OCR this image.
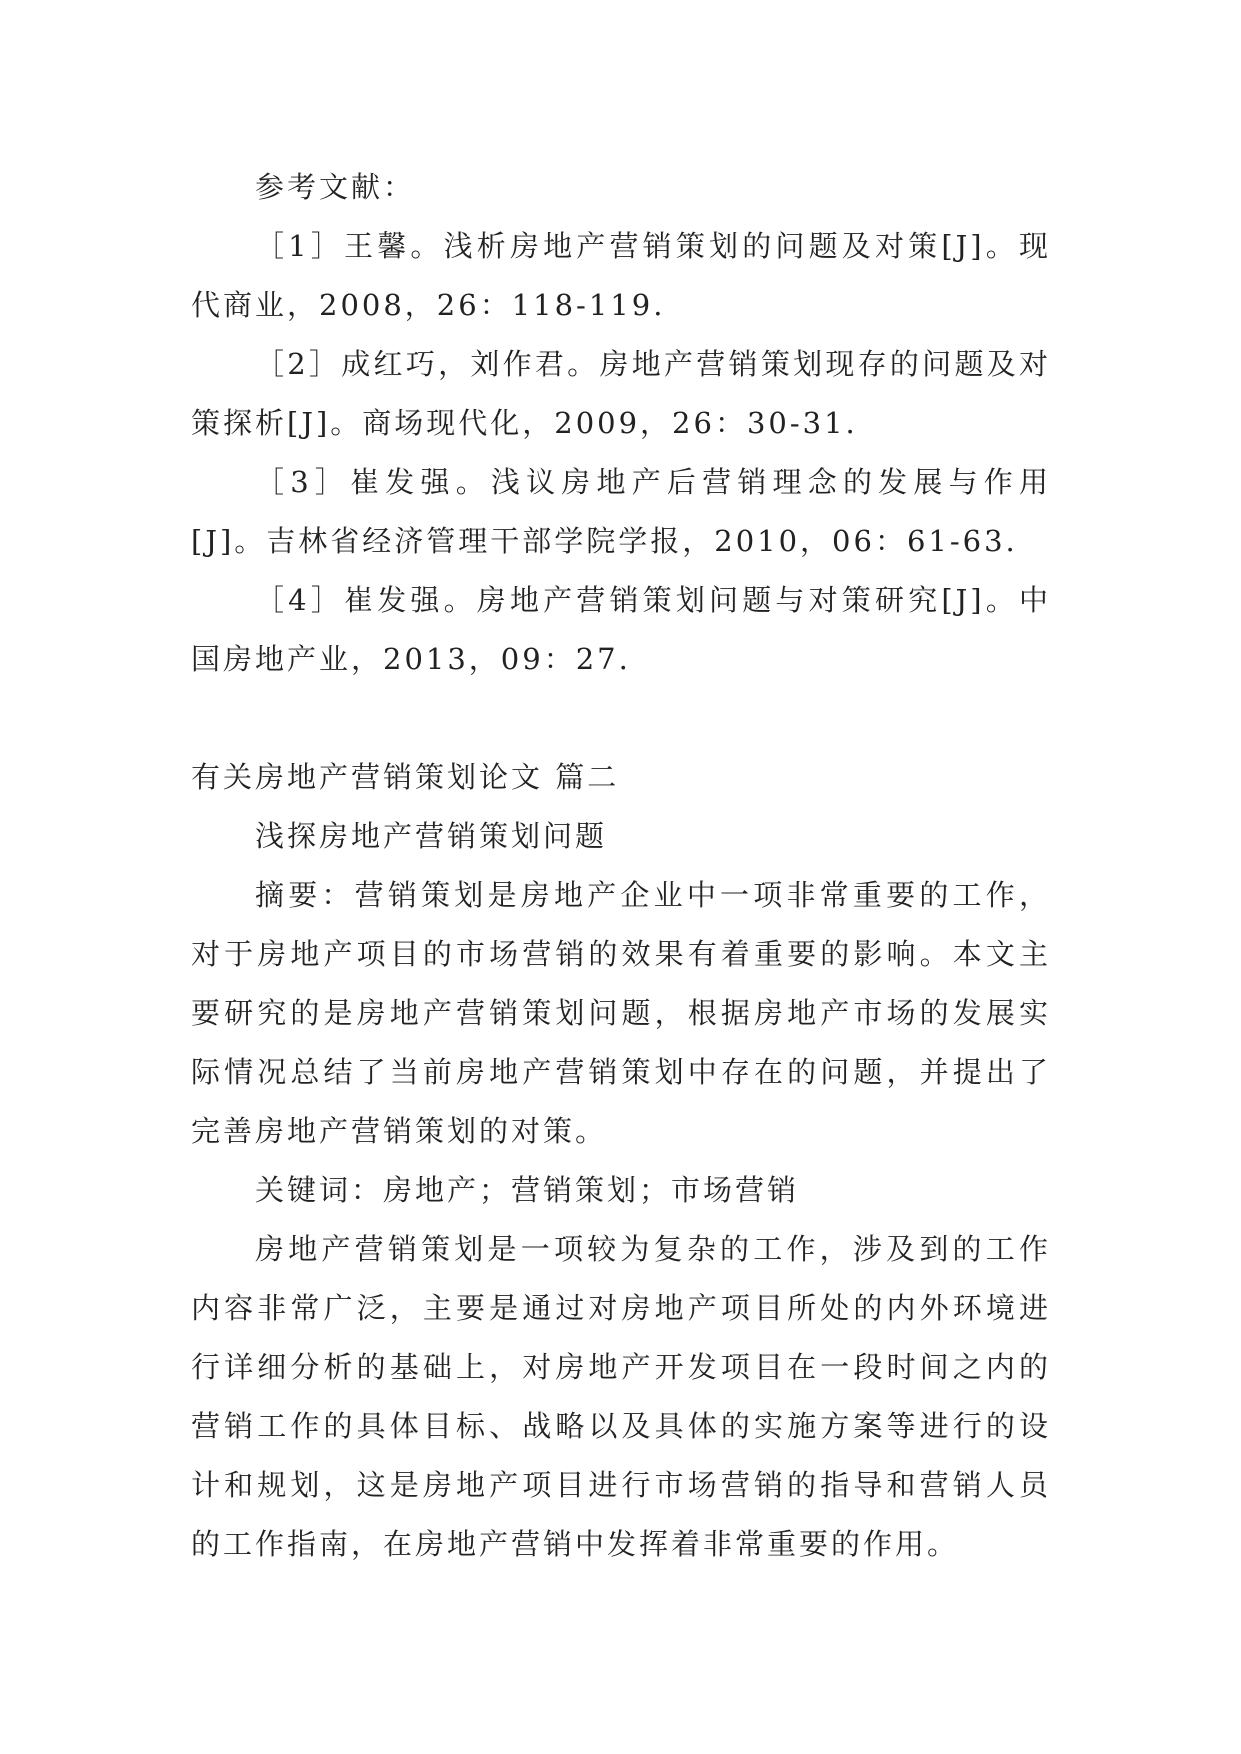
参考文献：

［1］王馨。浅析房地产营销策划的问题及对策[J]。现代商业，2008，26：118-119.

［2］成红巧，刘作君。房地产营销策划现存的问题及对策探析[J]。商场现代化，2009，26：30-31.

［3］崔发强。浅议房地产后营销理念的发展与作用[J]。吉林省经济管理干部学院学报，2010，06：61-63.

［4］崔发强。房地产营销策划问题与对策研究[J]。中国房地产业，2013，09：27.

有关房地产营销策划论文 篇二

浅探房地产营销策划问题

摘要：营销策划是房地产企业中一项非常重要的工作，对于房地产项目的市场营销的效果有着重要的影响。本文主要研究的是房地产营销策划问题，根据房地产市场的发展实际情况总结了当前房地产营销策划中存在的问题，并提出了完善房地产营销策划的对策。

关键词：房地产；营销策划；市场营销

房地产营销策划是一项较为复杂的工作，涉及到的工作内容非常广泛，主要是通过对房地产项目所处的内外环境进行详细分析的基础上，对房地产开发项目在一段时间之内的营销工作的具体目标、战略以及具体的实施方案等进行的设计和规划，这是房地产项目进行市场营销的指导和营销人员的工作指南，在房地产营销中发挥着非常重要的作用。
